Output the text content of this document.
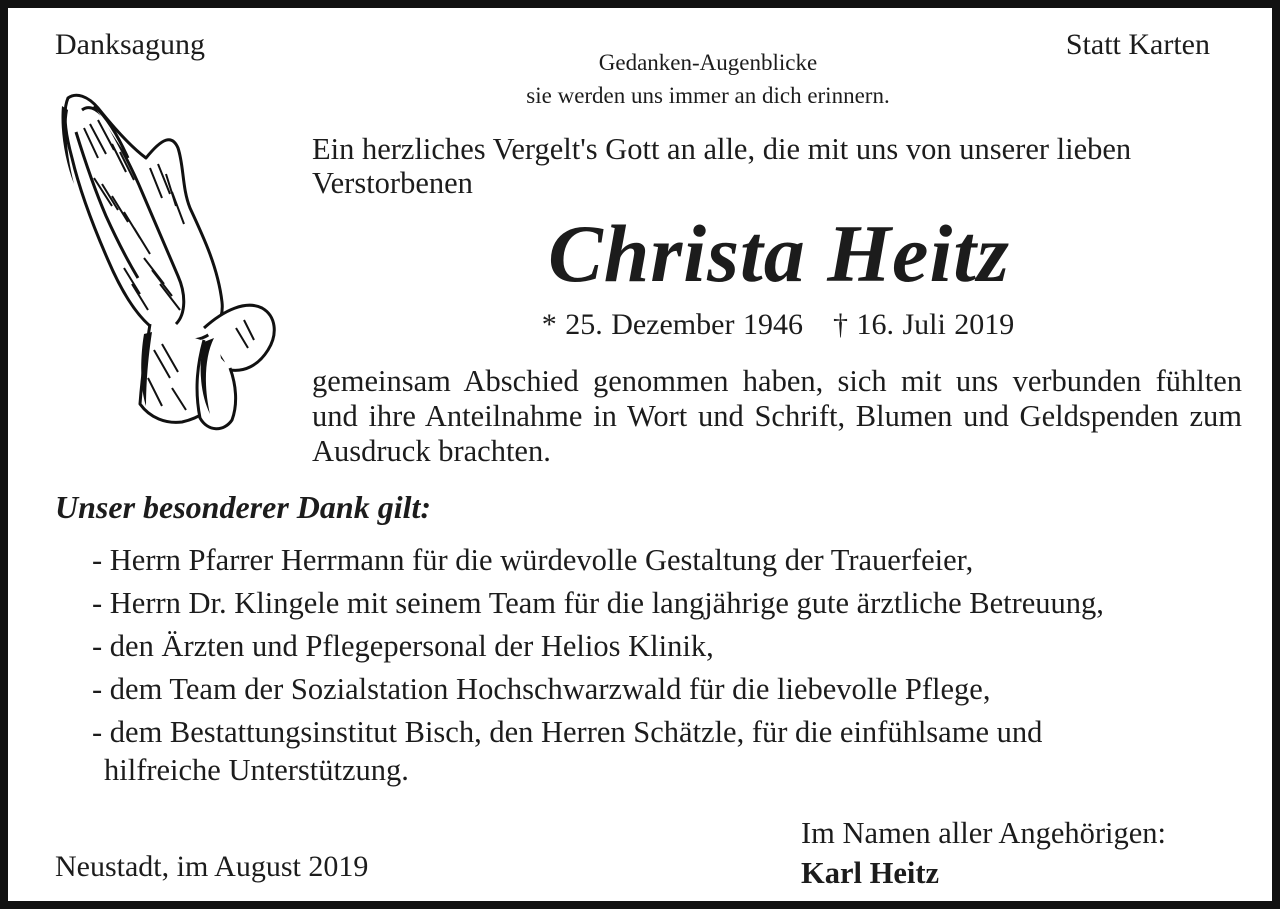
Danksagung	Statt Karten
Gedanken-Augenblicke
sie werden uns immer an dich erinnern.
Ein herzliches Vergelt's Gott an alle, die mit uns von unserer lieben Verstorbenen
Christa Heitz
* 25. Dezember 1946 † 16. Juli 2019
gemeinsam Abschied genommen haben, sich mit uns verbunden fühlten und ihre Anteilnahme in Wort und Schrift, Blumen und Geldspenden zum Ausdruck brachten.
Unser besonderer Dank gilt:
- Herrn Pfarrer Herrmann für die würdevolle Gestaltung der Trauerfeier,
- Herrn Dr. Klingele mit seinem Team für die langjährige gute ärztliche Betreuung,
- den Ärzten und Pflegepersonal der Helios Klinik,
- dem Team der Sozialstation Hochschwarzwald für die liebevolle Pflege,
- dem Bestattungsinstitut Bisch, den Herren Schätzle, für die einfühlsame und
hilfreiche Unterstützung.
Neustadt, im August 2019
Im Namen aller Angehörigen:
Karl Heitz
